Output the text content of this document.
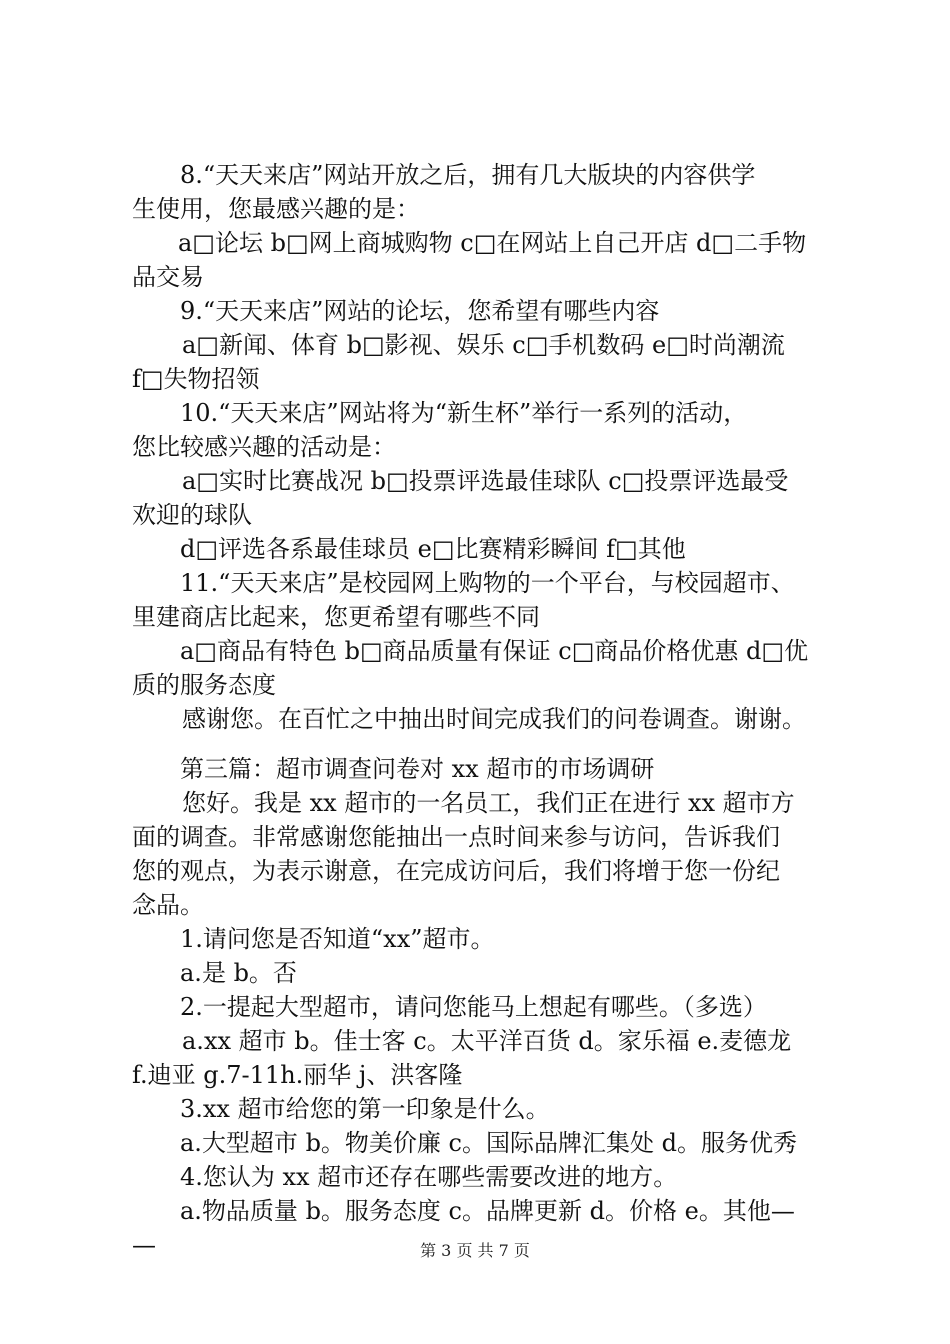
8.“天天来店”网站开放之后，拥有几大版块的内容供学
生使用，您最感兴趣的是：
a□论坛 b□网上商城购物 c□在网站上自己开店 d□二手物
品交易
9.“天天来店”网站的论坛，您希望有哪些内容
a□新闻、体育 b□影视、娱乐 c□手机数码 e□时尚潮流
f□失物招领
10.“天天来店”网站将为“新生杯”举行一系列的活动，
您比较感兴趣的活动是：
a□实时比赛战况 b□投票评选最佳球队 c□投票评选最受
欢迎的球队
d□评选各系最佳球员 e□比赛精彩瞬间 f□其他
11.“天天来店”是校园网上购物的一个平台，与校园超市、
里建商店比起来，您更希望有哪些不同
a□商品有特色 b□商品质量有保证 c□商品价格优惠 d□优
质的服务态度
感谢您。在百忙之中抽出时间完成我们的问卷调查。谢谢。
第三篇：超市调查问卷对 xx 超市的市场调研
您好。我是 xx 超市的一名员工，我们正在进行 xx 超市方
面的调查。非常感谢您能抽出一点时间来参与访问，告诉我们
您的观点，为表示谢意，在完成访问后，我们将增于您一份纪
念品。
1.请问您是否知道“xx”超市。
a.是 b。否
2.一提起大型超市，请问您能马上想起有哪些。（多选）
a.xx 超市 b。佳士客 c。太平洋百货 d。家乐福 e.麦德龙
f.迪亚 g.7-11h.丽华 j、洪客隆
3.xx 超市给您的第一印象是什么。
a.大型超市 b。物美价廉 c。国际品牌汇集处 d。服务优秀
4.您认为 xx 超市还存在哪些需要改进的地方。
a.物品质量 b。服务态度 c。品牌更新 d。价格 e。其他—
—	第 3 页 共 7 页
